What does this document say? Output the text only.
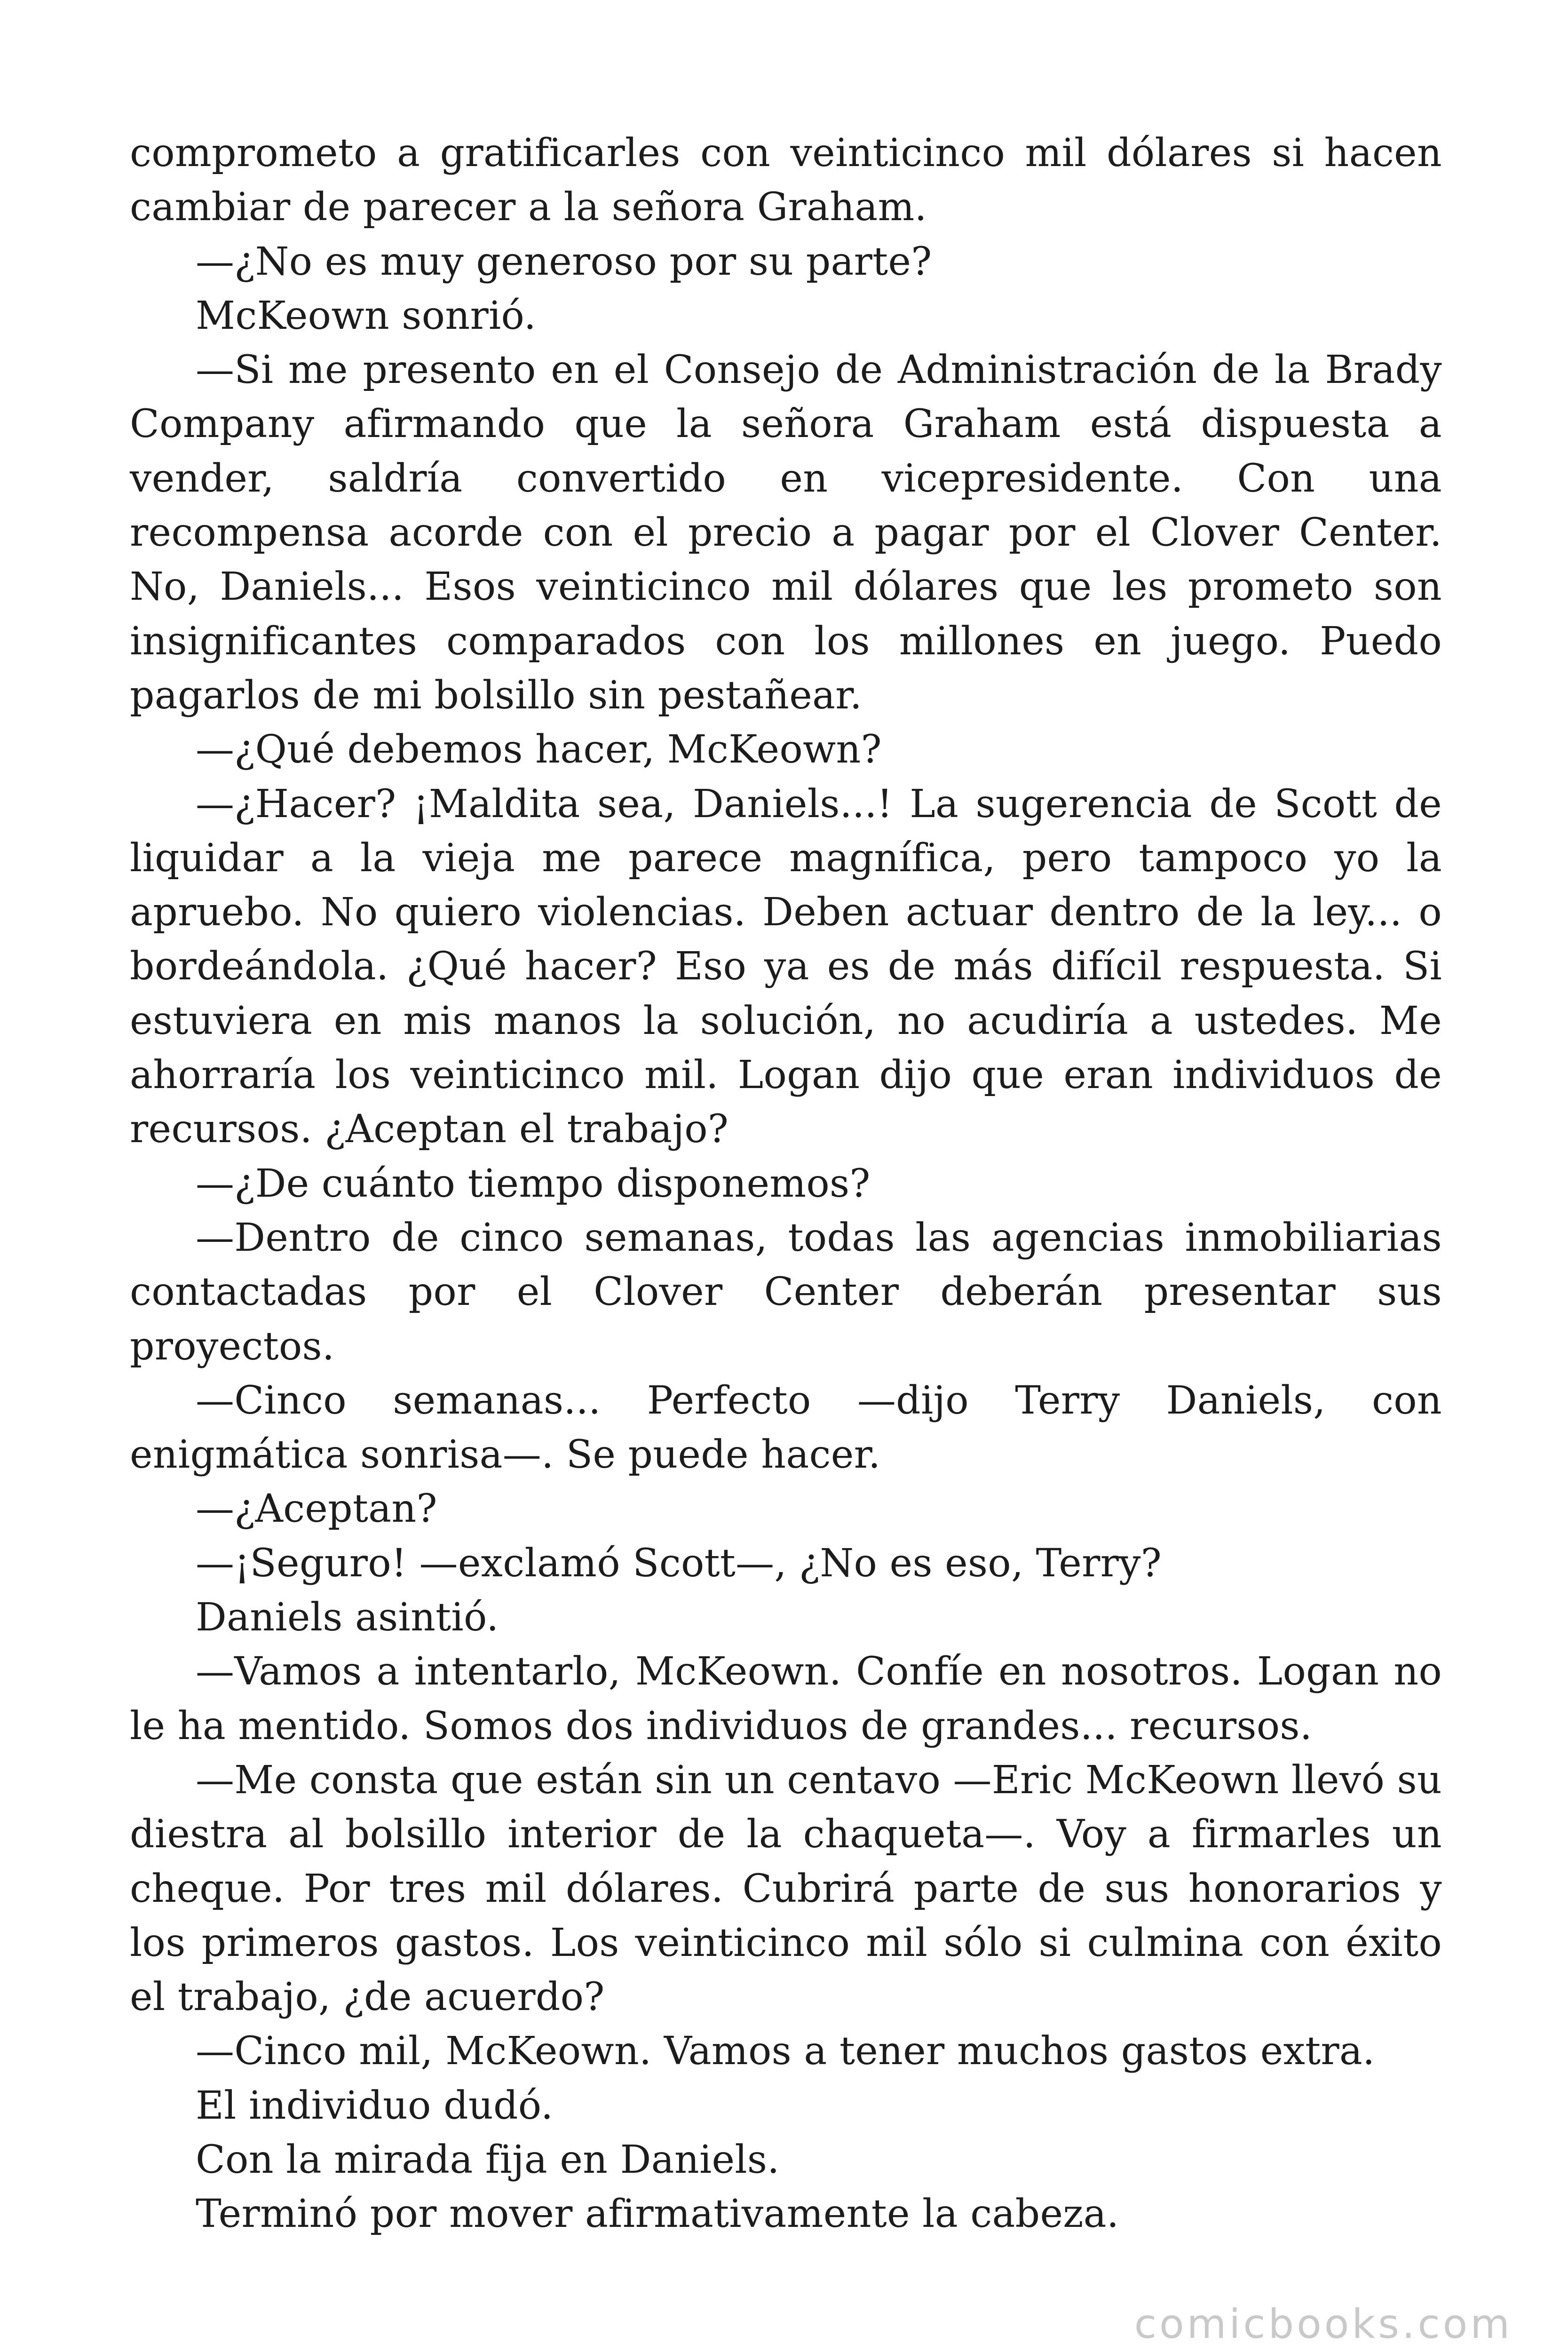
comprometo a gratificarles con veinticinco mil dólares si hacen cambiar de parecer a la señora Graham.

—¿No es muy generoso por su parte?

McKeown sonrió.

—Si me presento en el Consejo de Administración de la Brady Company afirmando que la señora Graham está dispuesta a vender, saldría convertido en vicepresidente. Con una recompensa acorde con el precio a pagar por el Clover Center. No, Daniels... Esos veinticinco mil dólares que les prometo son insignificantes comparados con los millones en juego. Puedo pagarlos de mi bolsillo sin pestañear.

—¿Qué debemos hacer, McKeown?

—¿Hacer? ¡Maldita sea, Daniels...! La sugerencia de Scott de liquidar a la vieja me parece magnífica, pero tampoco yo la apruebo. No quiero violencias. Deben actuar dentro de la ley... o bordeándola. ¿Qué hacer? Eso ya es de más difícil respuesta. Si estuviera en mis manos la solución, no acudiría a ustedes. Me ahorraría los veinticinco mil. Logan dijo que eran individuos de recursos. ¿Aceptan el trabajo?

—¿De cuánto tiempo disponemos?

—Dentro de cinco semanas, todas las agencias inmobiliarias contactadas por el Clover Center deberán presentar sus proyectos.

—Cinco semanas... Perfecto —dijo Terry Daniels, con enigmática sonrisa—. Se puede hacer.

—¿Aceptan?

—¡Seguro! —exclamó Scott—, ¿No es eso, Terry?

Daniels asintió.

—Vamos a intentarlo, McKeown. Confíe en nosotros. Logan no le ha mentido. Somos dos individuos de grandes... recursos.

—Me consta que están sin un centavo —Eric McKeown llevó su diestra al bolsillo interior de la chaqueta—. Voy a firmarles un cheque. Por tres mil dólares. Cubrirá parte de sus honorarios y los primeros gastos. Los veinticinco mil sólo si culmina con éxito el trabajo, ¿de acuerdo?

—Cinco mil, McKeown. Vamos a tener muchos gastos extra.

El individuo dudó.

Con la mirada fija en Daniels.

Terminó por mover afirmativamente la cabeza.

comicbooks.com
